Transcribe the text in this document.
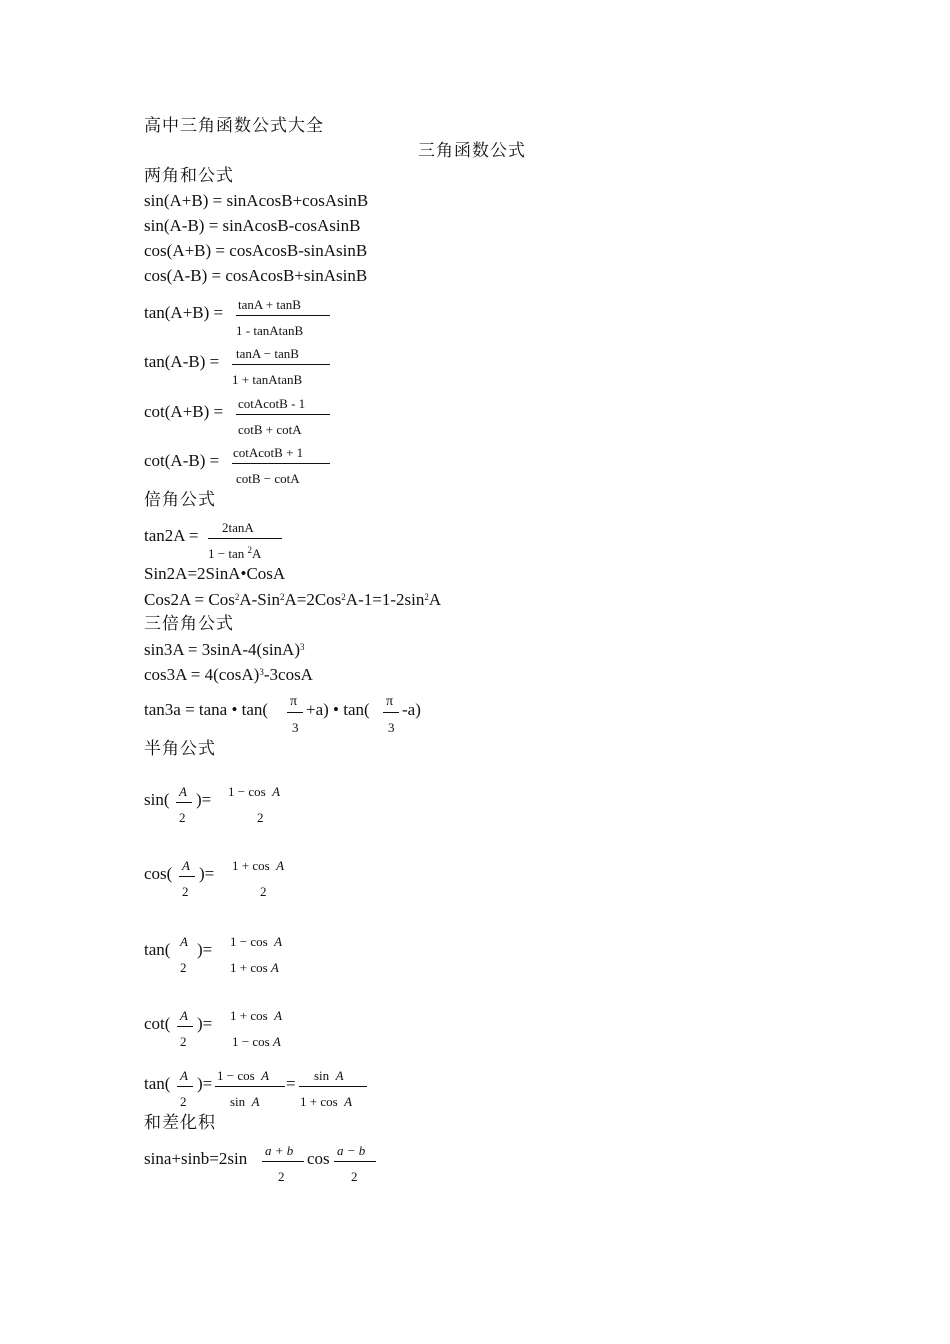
高中三角函数公式大全
三角函数公式
两角和公式
sin(A+B) = sinAcosB+cosAsinB
sin(A-B) = sinAcosB-cosAsinB
cos(A+B) = cosAcosB-sinAsinB
cos(A-B) = cosAcosB+sinAsinB
tan(A+B) = tanA + tanB
1 - tanAtanB
tan(A-B) = tanA − tanB
1 + tanAtanB
cot(A+B) = cotAcotB - 1
cotB + cotA
cot(A-B) = cotAcotB + 1
cotB − cotA
倍角公式
tan2A = 2tanA
1 − tan $^2$A
Sin2A=2SinA•CosA
$Cos2A = Cos^2A-Sin^2A=2Cos^2A-1=1-2\sin^2A$
三倍角公式
$\sin 3A = 3\sin A-4(\sin A)^3$
$\cos 3A = 4(\cos A)^3-3\cos A$
tan3a = tana • tan( π
3
+a) • tan( π
3
-a)
半角公式
sin( A
2
)= 1 − cos A
2
cos( A
2
)= 1 + cos A
2
tan( A
2
)= 1 − cos A
1 + cos A
cot( A
2
)= 1 + cos A
1 − cos A
tan( A
2
)= 1 − cos A
sin A
= sin A
1 + cos A
和差化积
sina+sinb=2sin a + b
2
cos a − b
2
